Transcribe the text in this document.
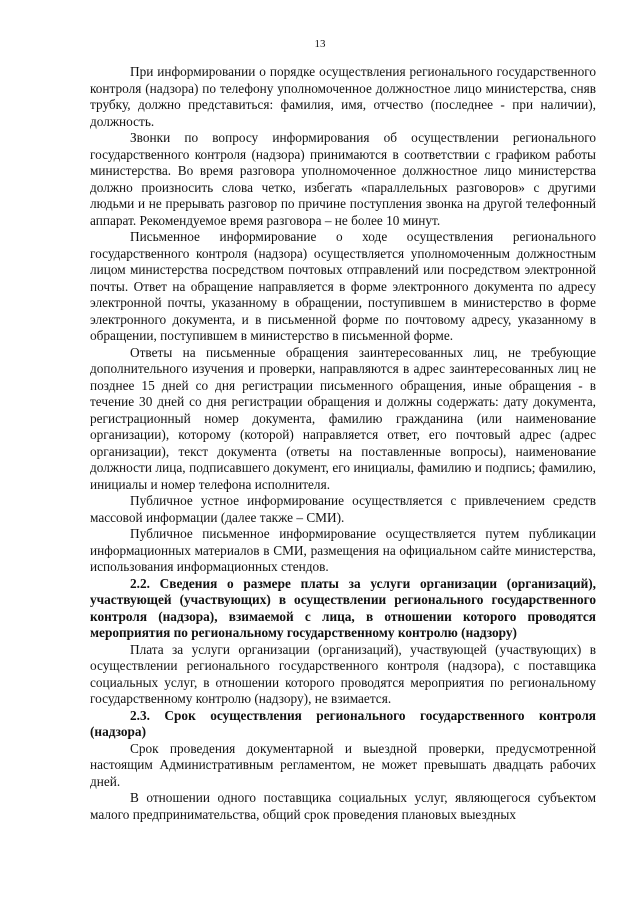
13

При информировании о порядке осуществления регионального государственного контроля (надзора) по телефону уполномоченное должностное лицо министерства, сняв трубку, должно представиться: фамилия, имя, отчество (последнее - при наличии), должность.

Звонки по вопросу информирования об осуществлении регионального государственного контроля (надзора) принимаются в соответствии с графиком работы министерства. Во время разговора уполномоченное должностное лицо министерства должно произносить слова четко, избегать «параллельных разговоров» с другими людьми и не прерывать разговор по причине поступления звонка на другой телефонный аппарат. Рекомендуемое время разговора – не более 10 минут.

Письменное информирование о ходе осуществления регионального государственного контроля (надзора) осуществляется уполномоченным должностным лицом министерства посредством почтовых отправлений или посредством электронной почты. Ответ на обращение направляется в форме электронного документа по адресу электронной почты, указанному в обращении, поступившем в министерство в форме электронного документа, и в письменной форме по почтовому адресу, указанному в обращении, поступившем в министерство в письменной форме.

Ответы на письменные обращения заинтересованных лиц, не требующие дополнительного изучения и проверки, направляются в адрес заинтересованных лиц не позднее 15 дней со дня регистрации письменного обращения, иные обращения - в течение 30 дней со дня регистрации обращения и должны содержать: дату документа, регистрационный номер документа, фамилию гражданина (или наименование организации), которому (которой) направляется ответ, его почтовый адрес (адрес организации), текст документа (ответы на поставленные вопросы), наименование должности лица, подписавшего документ, его инициалы, фамилию и подпись; фамилию, инициалы и номер телефона исполнителя.

Публичное устное информирование осуществляется с привлечением средств массовой информации (далее также – СМИ).

Публичное письменное информирование осуществляется путем публикации информационных материалов в СМИ, размещения на официальном сайте министерства, использования информационных стендов.

2.2. Сведения о размере платы за услуги организации (организаций), участвующей (участвующих) в осуществлении регионального государственного контроля (надзора), взимаемой с лица, в отношении которого проводятся мероприятия по региональному государственному контролю (надзору)

Плата за услуги организации (организаций), участвующей (участвующих) в осуществлении регионального государственного контроля (надзора), с поставщика социальных услуг, в отношении которого проводятся мероприятия по региональному государственному контролю (надзору), не взимается.

2.3. Срок осуществления регионального государственного контроля (надзора)

Срок проведения документарной и выездной проверки, предусмотренной настоящим Административным регламентом, не может превышать двадцать рабочих дней.

В отношении одного поставщика социальных услуг, являющегося субъектом малого предпринимательства, общий срок проведения плановых выездных
